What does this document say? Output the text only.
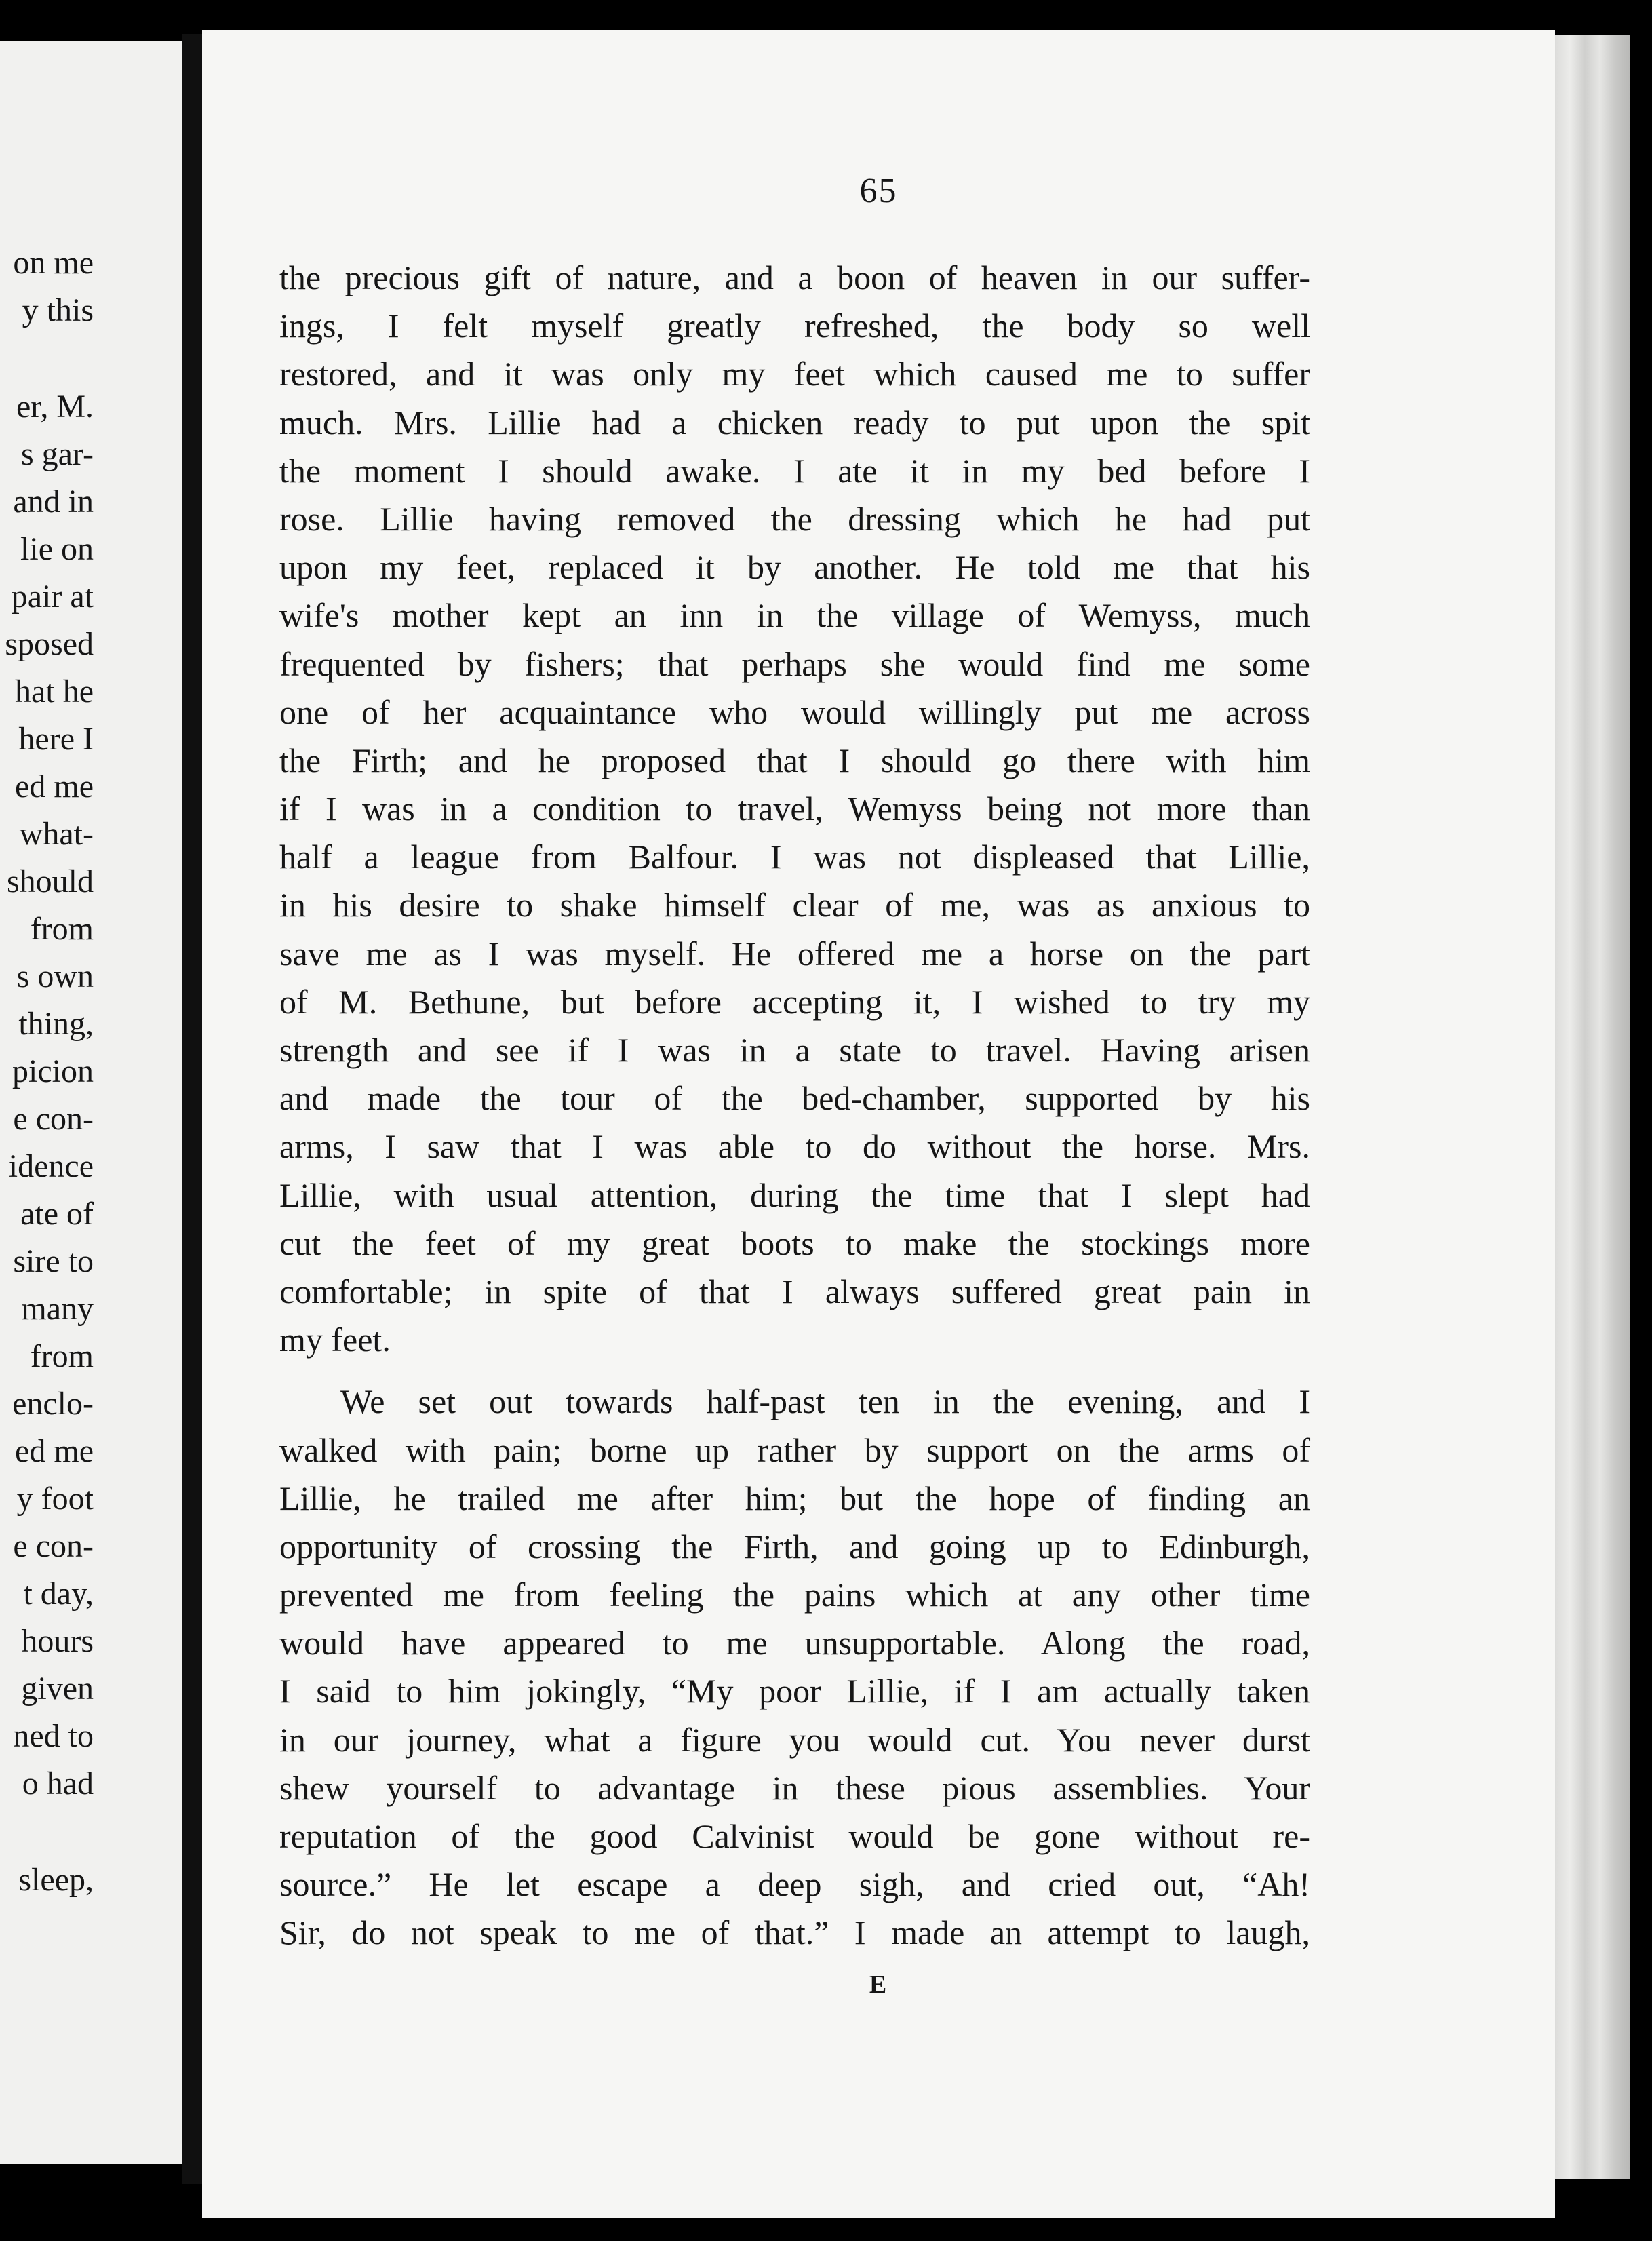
on me
y this
er, M.
s gar-
and in
lie on
pair at
sposed
hat he
here I
ed me
what-
should
from
s own
thing,
picion
e con-
idence
ate of
sire to
many
from
enclo-
ed me
y foot
e con-
t day,
hours
given
ned to
o had
sleep,
65
the precious gift of nature, and a boon of heaven in our suffer-
ings, I felt myself greatly refreshed, the body so well
restored, and it was only my feet which caused me to suffer
much. Mrs. Lillie had a chicken ready to put upon the spit
the moment I should awake. I ate it in my bed before I
rose. Lillie having removed the dressing which he had put
upon my feet, replaced it by another. He told me that his
wife's mother kept an inn in the village of Wemyss, much
frequented by fishers; that perhaps she would find me some
one of her acquaintance who would willingly put me across
the Firth; and he proposed that I should go there with him
if I was in a condition to travel, Wemyss being not more than
half a league from Balfour. I was not displeased that Lillie,
in his desire to shake himself clear of me, was as anxious to
save me as I was myself. He offered me a horse on the part
of M. Bethune, but before accepting it, I wished to try my
strength and see if I was in a state to travel. Having arisen
and made the tour of the bed-chamber, supported by his
arms, I saw that I was able to do without the horse. Mrs.
Lillie, with usual attention, during the time that I slept had
cut the feet of my great boots to make the stockings more
comfortable; in spite of that I always suffered great pain in
my feet.
We set out towards half-past ten in the evening, and I
walked with pain; borne up rather by support on the arms of
Lillie, he trailed me after him; but the hope of finding an
opportunity of crossing the Firth, and going up to Edinburgh,
prevented me from feeling the pains which at any other time
would have appeared to me unsupportable. Along the road,
I said to him jokingly, “My poor Lillie, if I am actually taken
in our journey, what a figure you would cut. You never durst
shew yourself to advantage in these pious assemblies. Your
reputation of the good Calvinist would be gone without re-
source.” He let escape a deep sigh, and cried out, “Ah!
Sir, do not speak to me of that.” I made an attempt to laugh,
E
